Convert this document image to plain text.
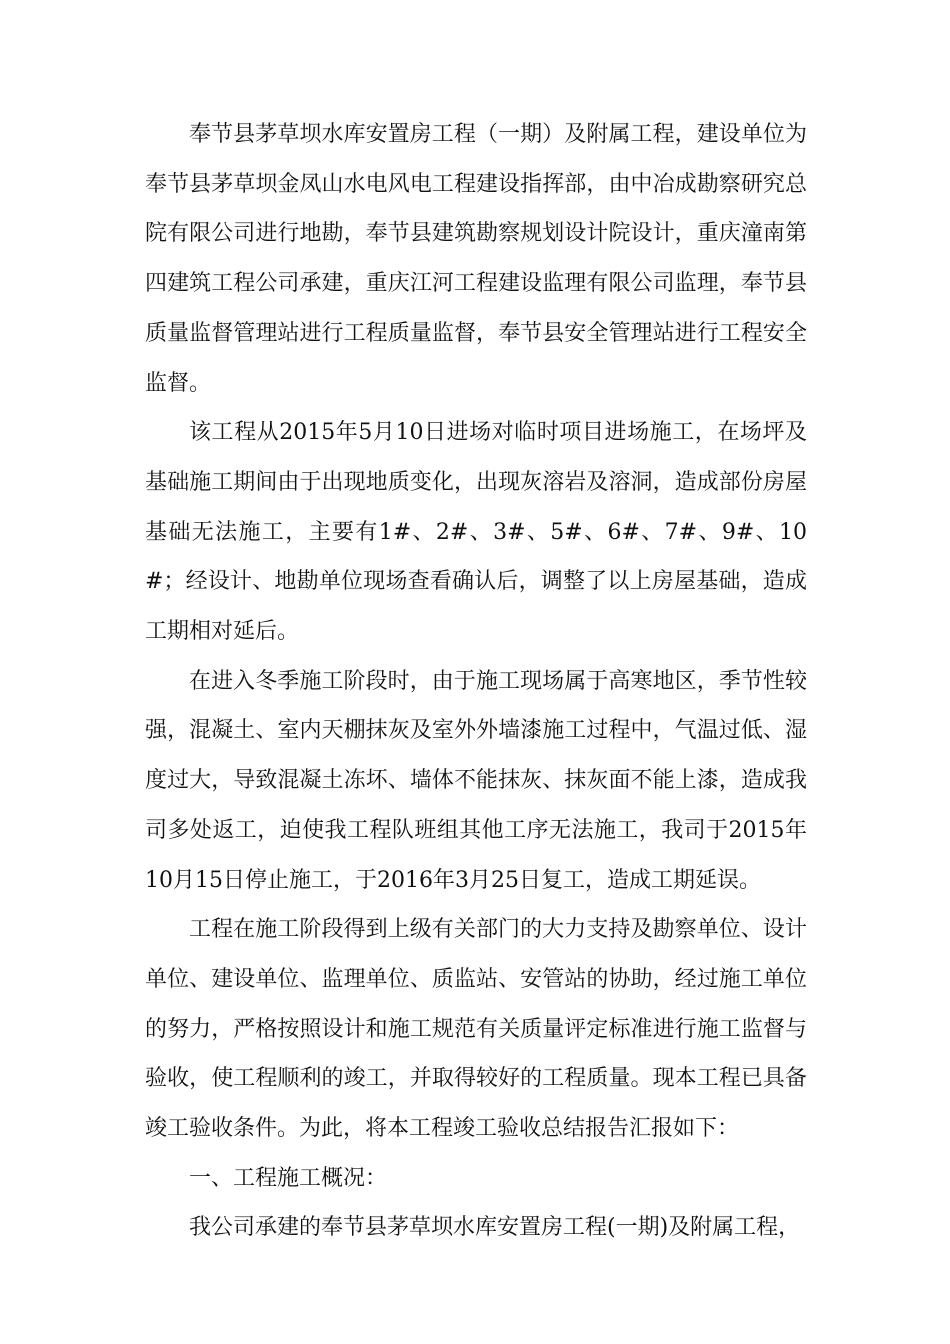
奉节县茅草坝水库安置房工程（一期）及附属工程，建设单位为奉节县茅草坝金凤山水电风电工程建设指挥部，由中冶成勘察研究总院有限公司进行地勘，奉节县建筑勘察规划设计院设计，重庆潼南第四建筑工程公司承建，重庆江河工程建设监理有限公司监理，奉节县质量监督管理站进行工程质量监督，奉节县安全管理站进行工程安全监督。

该工程从2015年5月10日进场对临时项目进场施工，在场坪及基础施工期间由于出现地质变化，出现灰溶岩及溶洞，造成部份房屋基础无法施工，主要有1#、2#、3#、5#、6#、7#、9#、10#；经设计、地勘单位现场查看确认后，调整了以上房屋基础，造成工期相对延后。

在进入冬季施工阶段时，由于施工现场属于高寒地区，季节性较强，混凝土、室内天棚抹灰及室外外墙漆施工过程中，气温过低、湿度过大，导致混凝土冻坏、墙体不能抹灰、抹灰面不能上漆，造成我司多处返工，迫使我工程队班组其他工序无法施工，我司于2015年10月15日停止施工，于2016年3月25日复工，造成工期延误。

工程在施工阶段得到上级有关部门的大力支持及勘察单位、设计单位、建设单位、监理单位、质监站、安管站的协助，经过施工单位的努力，严格按照设计和施工规范有关质量评定标准进行施工监督与验收，使工程顺利的竣工，并取得较好的工程质量。现本工程已具备竣工验收条件。为此，将本工程竣工验收总结报告汇报如下：

一、工程施工概况：

我公司承建的奉节县茅草坝水库安置房工程(一期)及附属工程，
